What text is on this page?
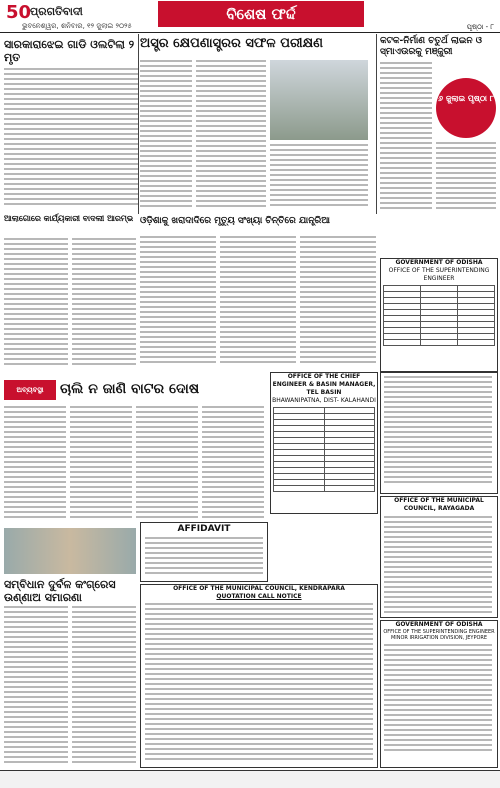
50
ପ୍ରଗତିବାଦୀ	ବିଶେଷ ଫର୍ଦ୍ଦ
ଭୁବନେଶ୍ୱର, ଶନିବାର, ୧୨ ଜୁଲାଇ ୨୦୨୫	ପୃଷ୍ଠା - ୮
ସାରକାରାଝେଇ ଗାଡି ଓଲଟିଲା ୨ ମୃତ
ଅସ୍ତ୍ର କ୍ଷେପଣାସ୍ତ୍ରର ସଫଳ ପରୀକ୍ଷଣ	କଟକ-ନିର୍ମାଣ ଚତୁର୍ଥ ଲାଇନ ଓ ସ୍ମାଏଉରକୁ ମଞ୍ଜୁରୀ
୬ ଜୁଲାଇ ପୃଷ୍ଠା ୮
ଆଲାଗୋରେ କାର୍ଯ୍ୟକାରୀ ବାଦଲୀ ଆରମ୍ଭ ଓଡ଼ିଶାକୁ ଖରାଦାଦିରେ ମୃତ୍ୟୁ ସଂଖ୍ୟା ଚିନ୍ତିରେ ଯାନ୍ତ୍ରିଆ
GOVERNMENT OF ODISHA
OFFICE OF THE SUPERINTENDING ENGINEER

ଅବ୍ୟବସ୍ଥା	ଚାଲି ନ ଜାଣି ବାଟର ଦୋଷ
OFFICE OF THE CHIEF ENGINEER & BASIN MANAGER, TEL BASIN
BHAWANIPATNA, DIST- KALAHANDI

AFFIDAVIT
ସମ୍ବିଧାନ ଦୁର୍ବଳ କଂଗ୍ରେସ ଉଣ୍ଣାଅ ସମାରଣା
OFFICE OF THE MUNICIPAL COUNCIL, KENDRAPARA
QUOTATION CALL NOTICE
OFFICE OF THE MUNICIPAL COUNCIL, RAYAGADA
GOVERNMENT OF ODISHA
OFFICE OF THE SUPERINTENDING ENGINEER MINOR IRRIGATION DIVISION, JEYPORE
